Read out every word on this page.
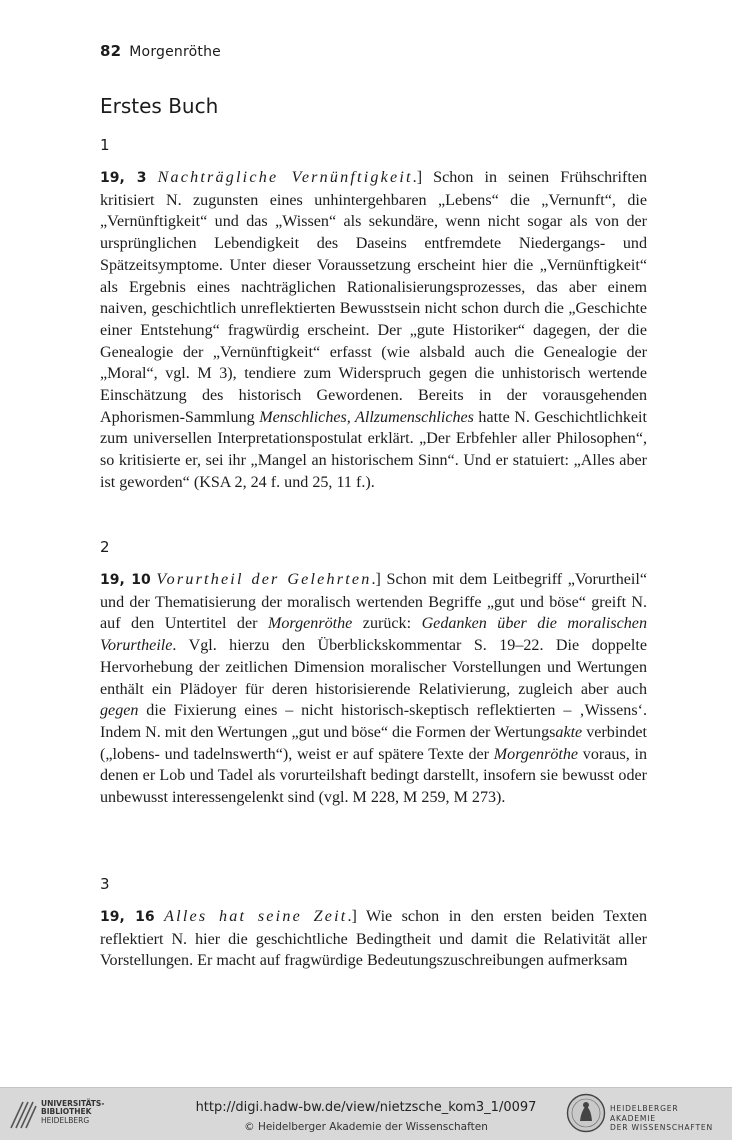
82 Morgenröthe
Erstes Buch
1

19, 3 Nachträgliche Vernünftigkeit.] Schon in seinen Frühschriften kritisiert N. zugunsten eines unhintergehbaren „Lebens“ die „Vernunft“, die „Vernünftigkeit“ und das „Wissen“ als sekundäre, wenn nicht sogar als von der ursprünglichen Lebendigkeit des Daseins entfremdete Niedergangs- und Spätzeitsymptome. Unter dieser Voraussetzung erscheint hier die „Vernünftigkeit“ als Ergebnis eines nachträglichen Rationalisierungsprozesses, das aber einem naiven, geschichtlich unreflektierten Bewusstsein nicht schon durch die „Geschichte einer Entstehung“ fragwürdig erscheint. Der „gute Historiker“ dagegen, der die Genealogie der „Vernünftigkeit“ erfasst (wie alsbald auch die Genealogie der „Moral“, vgl. M 3), tendiere zum Widerspruch gegen die unhistorisch wertende Einschätzung des historisch Gewordenen. Bereits in der vorausgehenden Aphorismen-Sammlung Menschliches, Allzumenschliches hatte N. Geschichtlichkeit zum universellen Interpretationspostulat erklärt. „Der Erbfehler aller Philosophen“, so kritisierte er, sei ihr „Mangel an historischem Sinn“. Und er statuiert: „Alles aber ist geworden“ (KSA 2, 24 f. und 25, 11 f.).

2

19, 10 Vorurtheil der Gelehrten.] Schon mit dem Leitbegriff „Vorurtheil“ und der Thematisierung der moralisch wertenden Begriffe „gut und böse“ greift N. auf den Untertitel der Morgenröthe zurück: Gedanken über die moralischen Vorurtheile. Vgl. hierzu den Überblickskommentar S. 19–22. Die doppelte Hervorhebung der zeitlichen Dimension moralischer Vorstellungen und Wertungen enthält ein Plädoyer für deren historisierende Relativierung, zugleich aber auch gegen die Fixierung eines – nicht historisch-skeptisch reflektierten – ‚Wissens‘. Indem N. mit den Wertungen „gut und böse“ die Formen der Wertungsakte verbindet („lobens- und tadelnswerth“), weist er auf spätere Texte der Morgenröthe voraus, in denen er Lob und Tadel als vorurteilshaft bedingt darstellt, insofern sie bewusst oder unbewusst interessengelenkt sind (vgl. M 228, M 259, M 273).

3

19, 16 Alles hat seine Zeit.] Wie schon in den ersten beiden Texten reflektiert N. hier die geschichtliche Bedingtheit und damit die Relativität aller Vorstellungen. Er macht auf fragwürdige Bedeutungszuschreibungen aufmerksam

UNIVERSITÄTS-
BIBLIOTHEK
HEIDELBERG
http://digi.hadw-bw.de/view/nietzsche_kom3_1/0097
© Heidelberger Akademie der Wissenschaften
HEIDELBERGER AKADEMIE
DER WISSENSCHAFTEN
